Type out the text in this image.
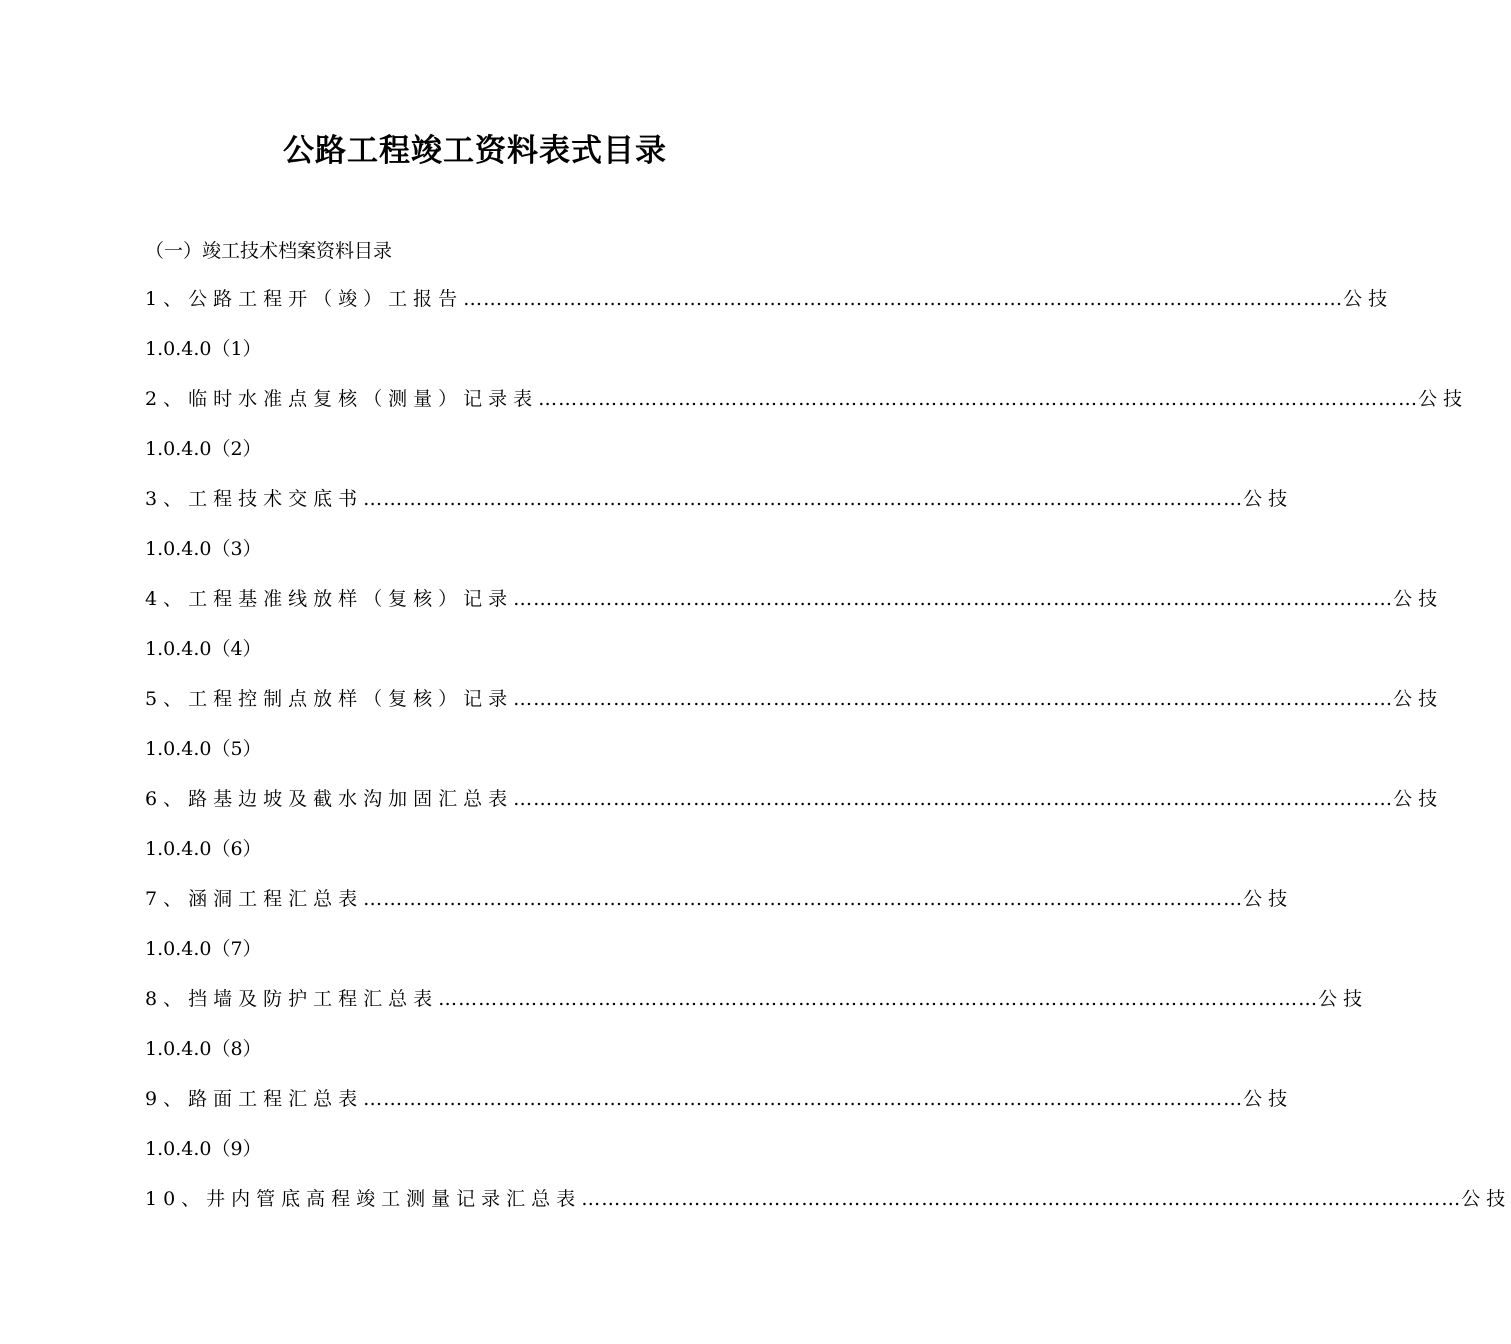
公路工程竣工资料表式目录

（一）竣工技术档案资料目录

1、公路工程开（竣）工报告 ……………………………………………………………………………………………………………………	公技
1.0.4.0（1）
2、临时水准点复核（测量）记录表 ……………………………………………………………………………………………………………………	公技
1.0.4.0（2）
3、工程技术交底书 ……………………………………………………………………………………………………………………	公技
1.0.4.0（3）
4、工程基准线放样（复核）记录 ……………………………………………………………………………………………………………………	公技
1.0.4.0（4）
5、工程控制点放样（复核）记录 ……………………………………………………………………………………………………………………	公技
1.0.4.0（5）
6、路基边坡及截水沟加固汇总表 ……………………………………………………………………………………………………………………	公技
1.0.4.0（6）
7、涵洞工程汇总表 ……………………………………………………………………………………………………………………	公技
1.0.4.0（7）
8、挡墙及防护工程汇总表 ……………………………………………………………………………………………………………………	公技
1.0.4.0（8）
9、路面工程汇总表 ……………………………………………………………………………………………………………………	公技
1.0.4.0（9）
10、井内管底高程竣工测量记录汇总表 ……………………………………………………………………………………………………………………	公技
